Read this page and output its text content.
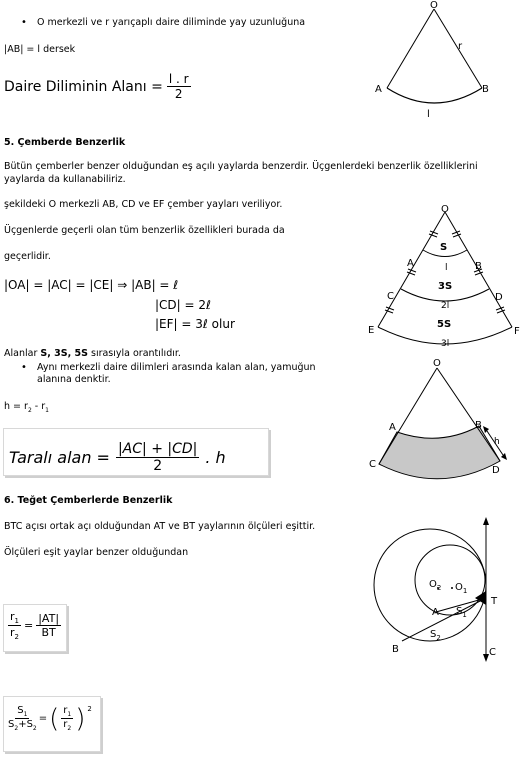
• O merkezli ve r yarıçaplı daire diliminde yay uzunluğuna
|AB| = l dersek
Daire Diliminin Alanı = $\frac{l . r}{2}$
5. Çemberde Benzerlik
Bütün çemberler benzer olduğundan eş açılı yaylarda benzerdir. Üçgenlerdeki benzerlik özelliklerini
yaylarda da kullanabiliriz.
şekildeki O merkezli AB, CD ve EF çember yayları veriliyor.
Üçgenlerde geçerli olan tüm benzerlik özellikleri burada da
geçerlidir.
|OA| = |AC| = |CE| ⇒ |AB| = ℓ
|CD| = 2ℓ
|EF| = 3ℓ olur
Alanlar S, 3S, 5S sırasıyla orantılıdır.
• Aynı merkezli daire dilimleri arasında kalan alan, yamuğun
alanına denktir.
$h = r_2 - r_1$
Taralı alan = $\frac{|AC| + |CD|}{2}$ . h
6. Teğet Çemberlerde Benzerlik
BTC açısı ortak açı olduğundan AT ve BT yaylarının ölçüleri eşittir.
Ölçüleri eşit yaylar benzer olduğundan
$\frac{r_1}{r_2} = \frac{|AT|}{BT}$
$\frac{S_1}{S_2+S_2}$ = ( $\frac{r_1}{r_2}$ ) $^2$
O
r
A	B
l
O
A	B
C	D
E	F
S
l
3S
2l
5S
3l
O
A	B
C
D
h
$O_2$ $O_1$
A
B
T
C
$S_1$
$S_2$
